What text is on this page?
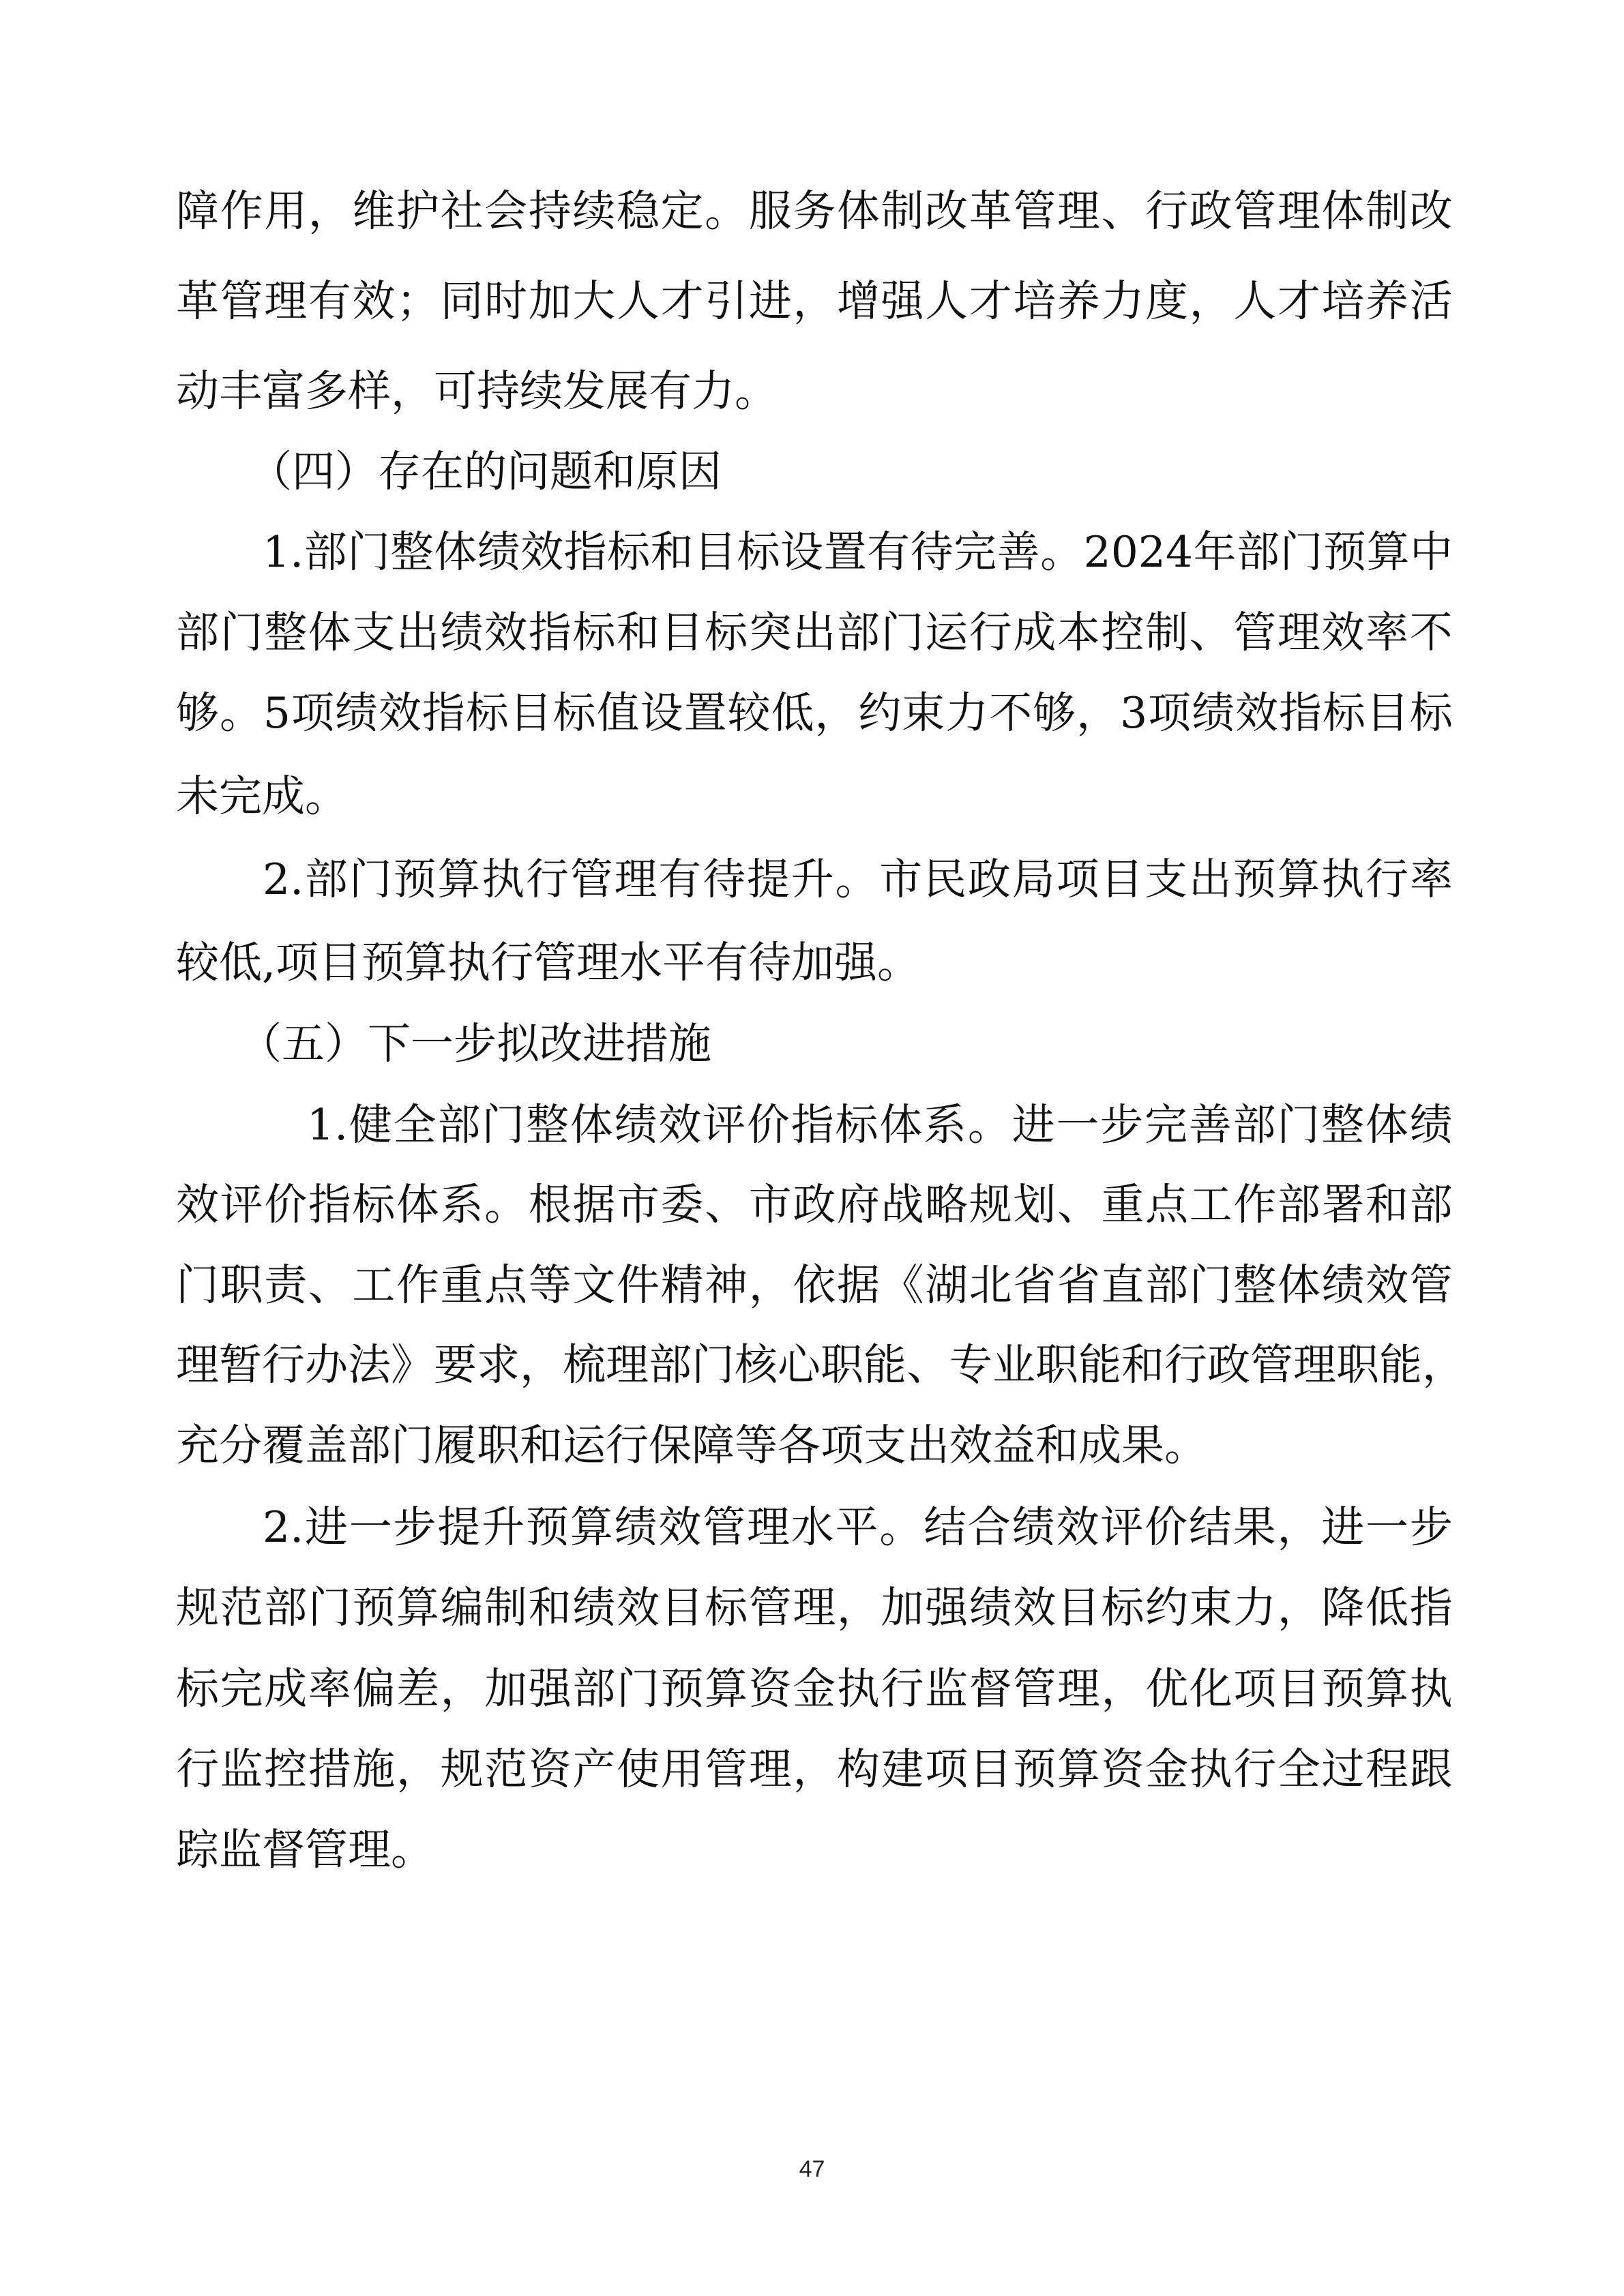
障 作 用 ， 维 护 社 会 持 续 稳 定 。 服 务 体 制 改 革 管 理 、 行 政 管 理 体 制 改
革 管 理 有 效 ； 同 时 加 大 人 才 引 进 ， 增 强 人 才 培 养 力 度 ， 人 才 培 养 活
动丰富多样，可持续发展有力。
（四）存在的问题和原因
1. 部 门 整 体 绩 效 指 标 和 目 标 设 置 有 待 完 善 。 2024 年 部 门 预 算 中
部 门 整 体 支 出 绩 效 指 标 和 目 标 突 出 部 门 运 行 成 本 控 制 、 管 理 效 率 不
够 。 5 项 绩 效 指 标 目 标 值 设 置 较 低 ， 约 束 力 不 够 ， 3 项 绩 效 指 标 目 标
未完成。
2. 部 门 预 算 执 行 管 理 有 待 提 升 。 市 民 政 局 项 目 支 出 预 算 执 行 率
较低,项目预算执行管理水平有待加强。
（五）下一步拟改进措施
1. 健 全 部 门 整 体 绩 效 评 价 指 标 体 系 。 进 一 步 完 善 部 门 整 体 绩
效 评 价 指 标 体 系 。 根 据 市 委 、 市 政 府 战 略 规 划 、 重 点 工 作 部 署 和 部
门 职 责 、 工 作 重 点 等 文 件 精 神 ， 依 据 《 湖 北 省 省 直 部 门 整 体 绩 效 管
理 暂 行 办 法 》 要 求 ， 梳 理 部 门 核 心 职 能 、 专 业 职 能 和 行 政 管 理 职 能 ，
充分覆盖部门履职和运行保障等各项支出效益和成果。
2. 进 一 步 提 升 预 算 绩 效 管 理 水 平 。 结 合 绩 效 评 价 结 果 ， 进 一 步
规 范 部 门 预 算 编 制 和 绩 效 目 标 管 理 ， 加 强 绩 效 目 标 约 束 力 ， 降 低 指
标 完 成 率 偏 差 ， 加 强 部 门 预 算 资 金 执 行 监 督 管 理 ， 优 化 项 目 预 算 执
行 监 控 措 施 ， 规 范 资 产 使 用 管 理 ， 构 建 项 目 预 算 资 金 执 行 全 过 程 跟
踪监督管理。
47
